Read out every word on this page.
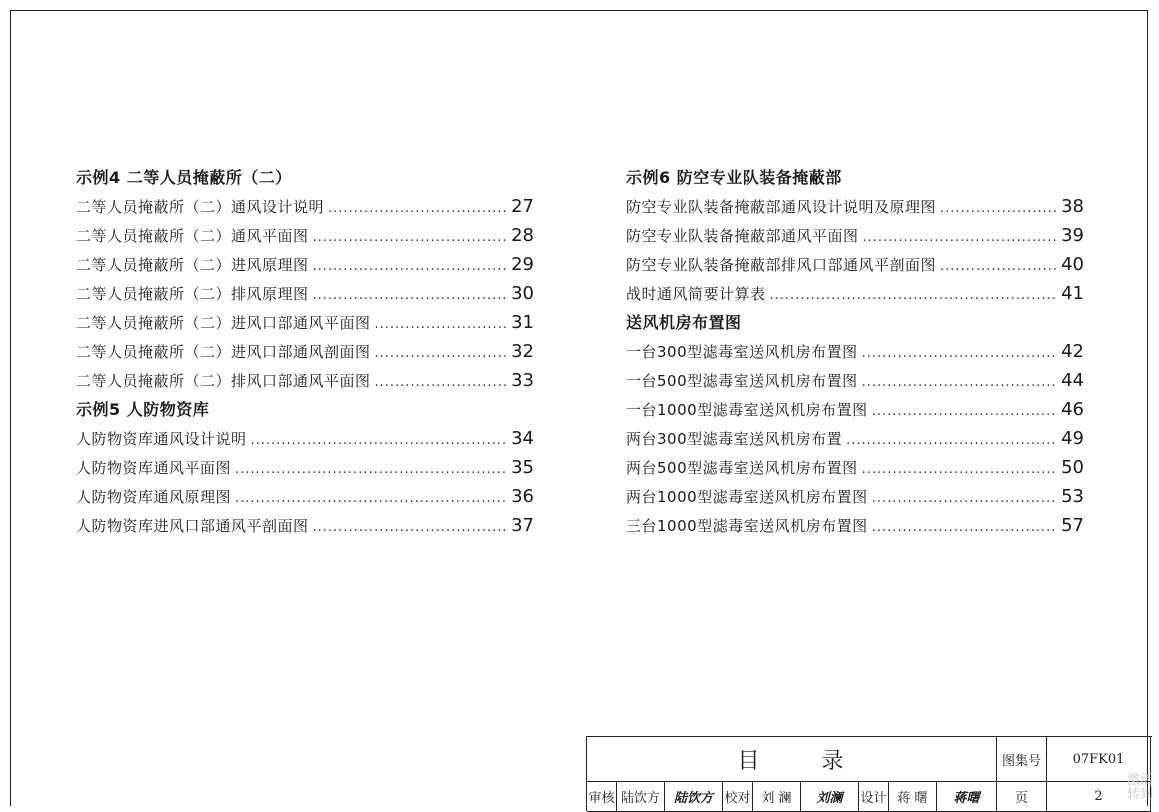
示例4 二等人员掩蔽所（二）
二等人员掩蔽所（二）通风设计说明 .....	27
二等人员掩蔽所（二）通风平面图 .....	28
二等人员掩蔽所（二）进风原理图 .....	29
二等人员掩蔽所（二）排风原理图 .....	30
二等人员掩蔽所（二）进风口部通风平面图 .....	31
二等人员掩蔽所（二）进风口部通风剖面图 .....	32
二等人员掩蔽所（二）排风口部通风平面图 .....	33
示例5 人防物资库
人防物资库通风设计说明 .....	34
人防物资库通风平面图 .....	35
人防物资库通风原理图 .....	36
人防物资库进风口部通风平剖面图 .....	37
示例6 防空专业队装备掩蔽部
防空专业队装备掩蔽部通风设计说明及原理图 .....	38
防空专业队装备掩蔽部通风平面图 .....	39
防空专业队装备掩蔽部排风口部通风平剖面图 .....	40
战时通风简要计算表 .....	41
送风机房布置图
一台300型滤毒室送风机房布置图 .....	42
一台500型滤毒室送风机房布置图 .....	44
一台1000型滤毒室送风机房布置图 .....	46
两台300型滤毒室送风机房布置 .....	49
两台500型滤毒室送风机房布置图 .....	50
两台1000型滤毒室送风机房布置图 .....	53
三台1000型滤毒室送风机房布置图 .....	57
目	录	图集号	07FK01
审核 陆饮方	陆饮方 校对 刘 澜	刘澜	设计 蒋 曙	蒋曙	页	2
激活
转到
